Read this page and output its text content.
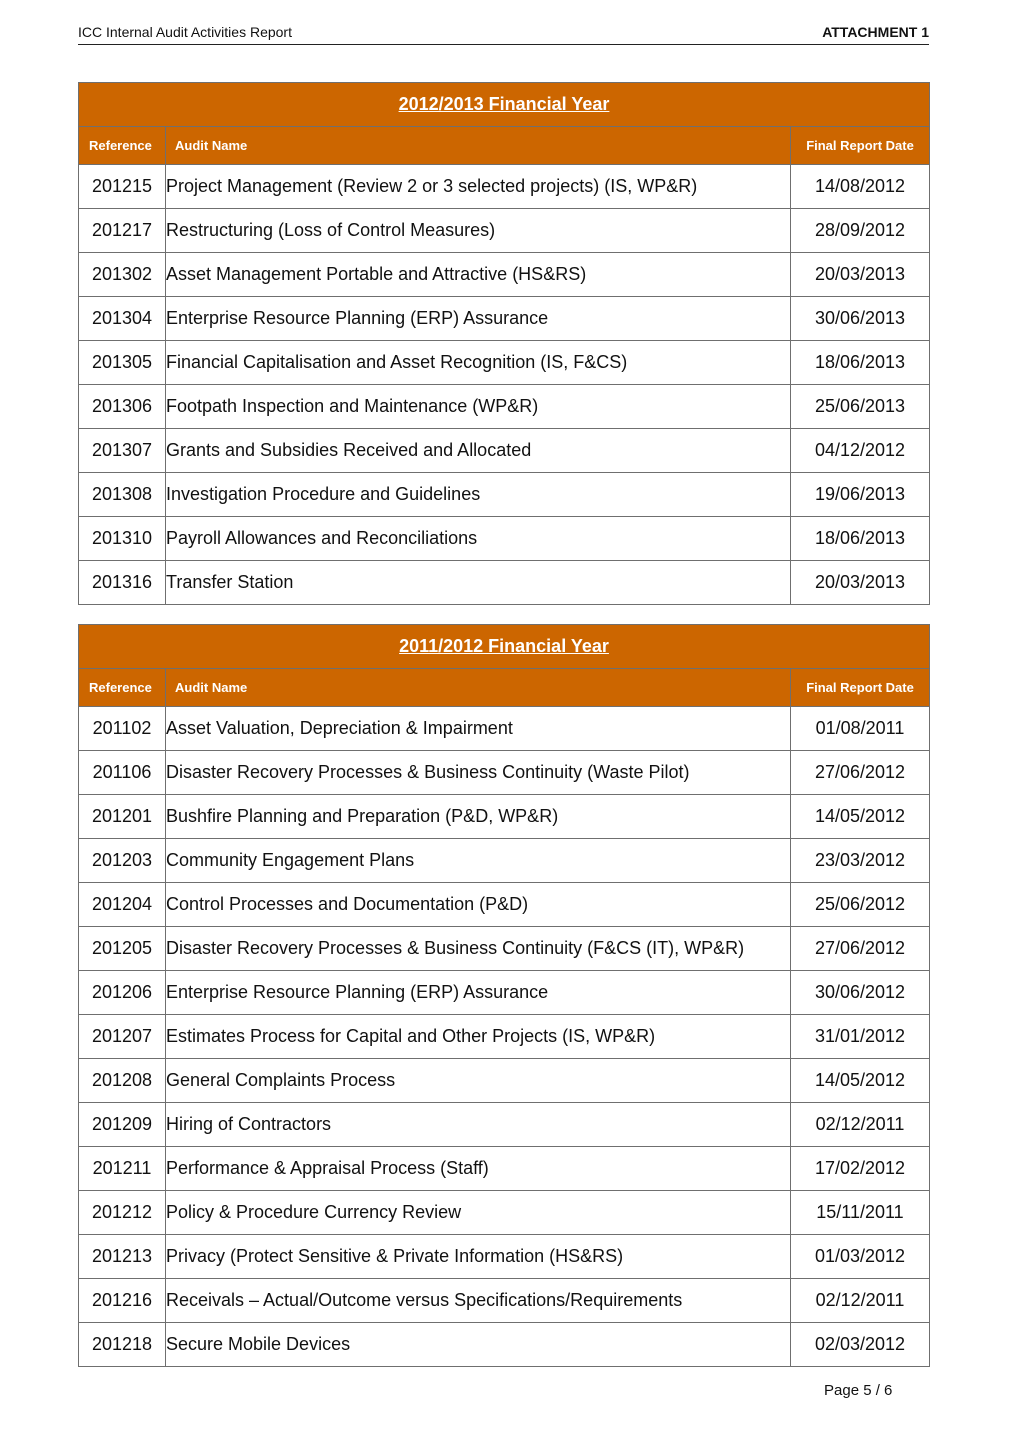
ICC Internal Audit Activities Report	ATTACHMENT 1
2012/2013 Financial Year		
Reference	Audit Name	Final Report Date
201215	Project Management (Review 2 or 3 selected projects) (IS, WP&R)	14/08/2012
201217	Restructuring (Loss of Control Measures)	28/09/2012
201302	Asset Management Portable and Attractive (HS&RS)	20/03/2013
201304	Enterprise Resource Planning (ERP) Assurance	30/06/2013
201305	Financial Capitalisation and Asset Recognition (IS, F&CS)	18/06/2013
201306	Footpath Inspection and Maintenance (WP&R)	25/06/2013
201307	Grants and Subsidies Received and Allocated	04/12/2012
201308	Investigation Procedure and Guidelines	19/06/2013
201310	Payroll Allowances and Reconciliations	18/06/2013
201316	Transfer Station	20/03/2013
2011/2012 Financial Year		
Reference	Audit Name	Final Report Date
201102	Asset Valuation, Depreciation & Impairment	01/08/2011
201106	Disaster Recovery Processes & Business Continuity (Waste Pilot)	27/06/2012
201201	Bushfire Planning and Preparation (P&D, WP&R)	14/05/2012
201203	Community Engagement Plans	23/03/2012
201204	Control Processes and Documentation (P&D)	25/06/2012
201205	Disaster Recovery Processes & Business Continuity (F&CS (IT), WP&R)	27/06/2012
201206	Enterprise Resource Planning (ERP) Assurance	30/06/2012
201207	Estimates Process for Capital and Other Projects (IS, WP&R)	31/01/2012
201208	General Complaints Process	14/05/2012
201209	Hiring of Contractors	02/12/2011
201211	Performance & Appraisal Process (Staff)	17/02/2012
201212	Policy & Procedure Currency Review	15/11/2011
201213	Privacy (Protect Sensitive & Private Information (HS&RS)	01/03/2012
201216	Receivals – Actual/Outcome versus Specifications/Requirements	02/12/2011
201218	Secure Mobile Devices	02/03/2012
Page 5 / 6
